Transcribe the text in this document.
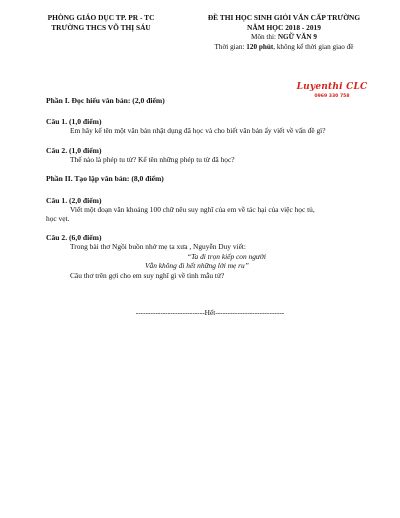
PHÒNG GIÁO DỤC TP. PR - TC
TRƯỜNG THCS VÕ THỊ SÁU
ĐỀ THI HỌC SINH GIỎI VĂN CẤP TRƯỜNG
NĂM HỌC 2018 - 2019
Môn thi: NGỮ VĂN 9
Thời gian: 120 phút, không kể thời gian giao đề
Luyenthi CLC
0969 330 758
Phần I. Đọc hiểu văn bản: (2,0 điểm)
Câu 1. (1,0 điểm)
Em hãy kể tên một văn bản nhật dụng đã học và cho biết văn bản ấy viết về vấn đề gì?
Câu 2. (1,0 điểm)
Thế nào là phép tu từ? Kể tên những phép tu từ đã học?
Phần II. Tạo lập văn bản: (8,0 điểm)
Câu 1. (2,0 điểm)
Viết một đoạn văn khoảng 100 chữ nêu suy nghĩ của em về tác hại của việc học tủ,
học vẹt.
Câu 2. (6,0 điểm)
Trong bài thơ Ngồi buồn nhớ mẹ ta xưa , Nguyễn Duy viết:
“Ta đi trọn kiếp con người
Vẫn không đi hết những lời mẹ ru”
Câu thơ trên gợi cho em suy nghĩ gì về tình mẫu tử?
----------------------------Hết----------------------------
